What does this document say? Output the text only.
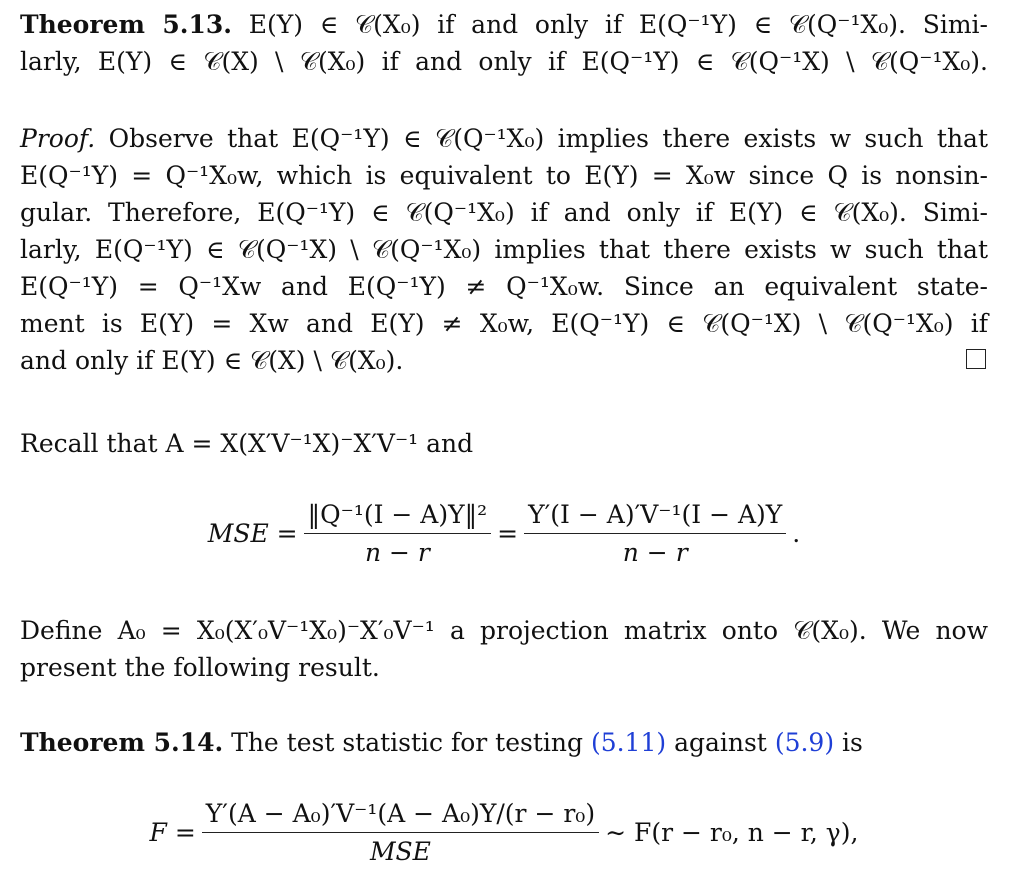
Theorem 5.13. E(Y) ∈ 𝒞(X₀) if and only if E(Q⁻¹Y) ∈ 𝒞(Q⁻¹X₀). Simi-
larly, E(Y) ∈ 𝒞(X) \ 𝒞(X₀) if and only if E(Q⁻¹Y) ∈ 𝒞(Q⁻¹X) \ 𝒞(Q⁻¹X₀).
Proof. Observe that E(Q⁻¹Y) ∈ 𝒞(Q⁻¹X₀) implies there exists w such that
E(Q⁻¹Y) = Q⁻¹X₀w, which is equivalent to E(Y) = X₀w since Q is nonsin-
gular. Therefore, E(Q⁻¹Y) ∈ 𝒞(Q⁻¹X₀) if and only if E(Y) ∈ 𝒞(X₀). Simi-
larly, E(Q⁻¹Y) ∈ 𝒞(Q⁻¹X) \ 𝒞(Q⁻¹X₀) implies that there exists w such that
E(Q⁻¹Y) = Q⁻¹Xw and E(Q⁻¹Y) ≠ Q⁻¹X₀w. Since an equivalent state-
ment is E(Y) = Xw and E(Y) ≠ X₀w, E(Q⁻¹Y) ∈ 𝒞(Q⁻¹X) \ 𝒞(Q⁻¹X₀) if
and only if E(Y) ∈ 𝒞(X) \ 𝒞(X₀).
Recall that A = X(X′V⁻¹X)⁻X′V⁻¹ and
MSE = $\frac{\text{‖Q⁻¹(I − A)Y‖²}}{n - r} = \frac{\text{Y′(I − A)′V⁻¹(I − A)Y}}{n - r}$ .
Define A₀ = X₀(X′₀V⁻¹X₀)⁻X′₀V⁻¹ a projection matrix onto 𝒞(X₀). We now
present the following result.
Theorem 5.14. The test statistic for testing (5.11) against (5.9) is
$F = \frac{\text{Y′(A − A₀)′V⁻¹(A − A₀)Y/(r − r₀)}}{\text{MSE}}$ ∼ F(r − r₀, n − r, γ),
